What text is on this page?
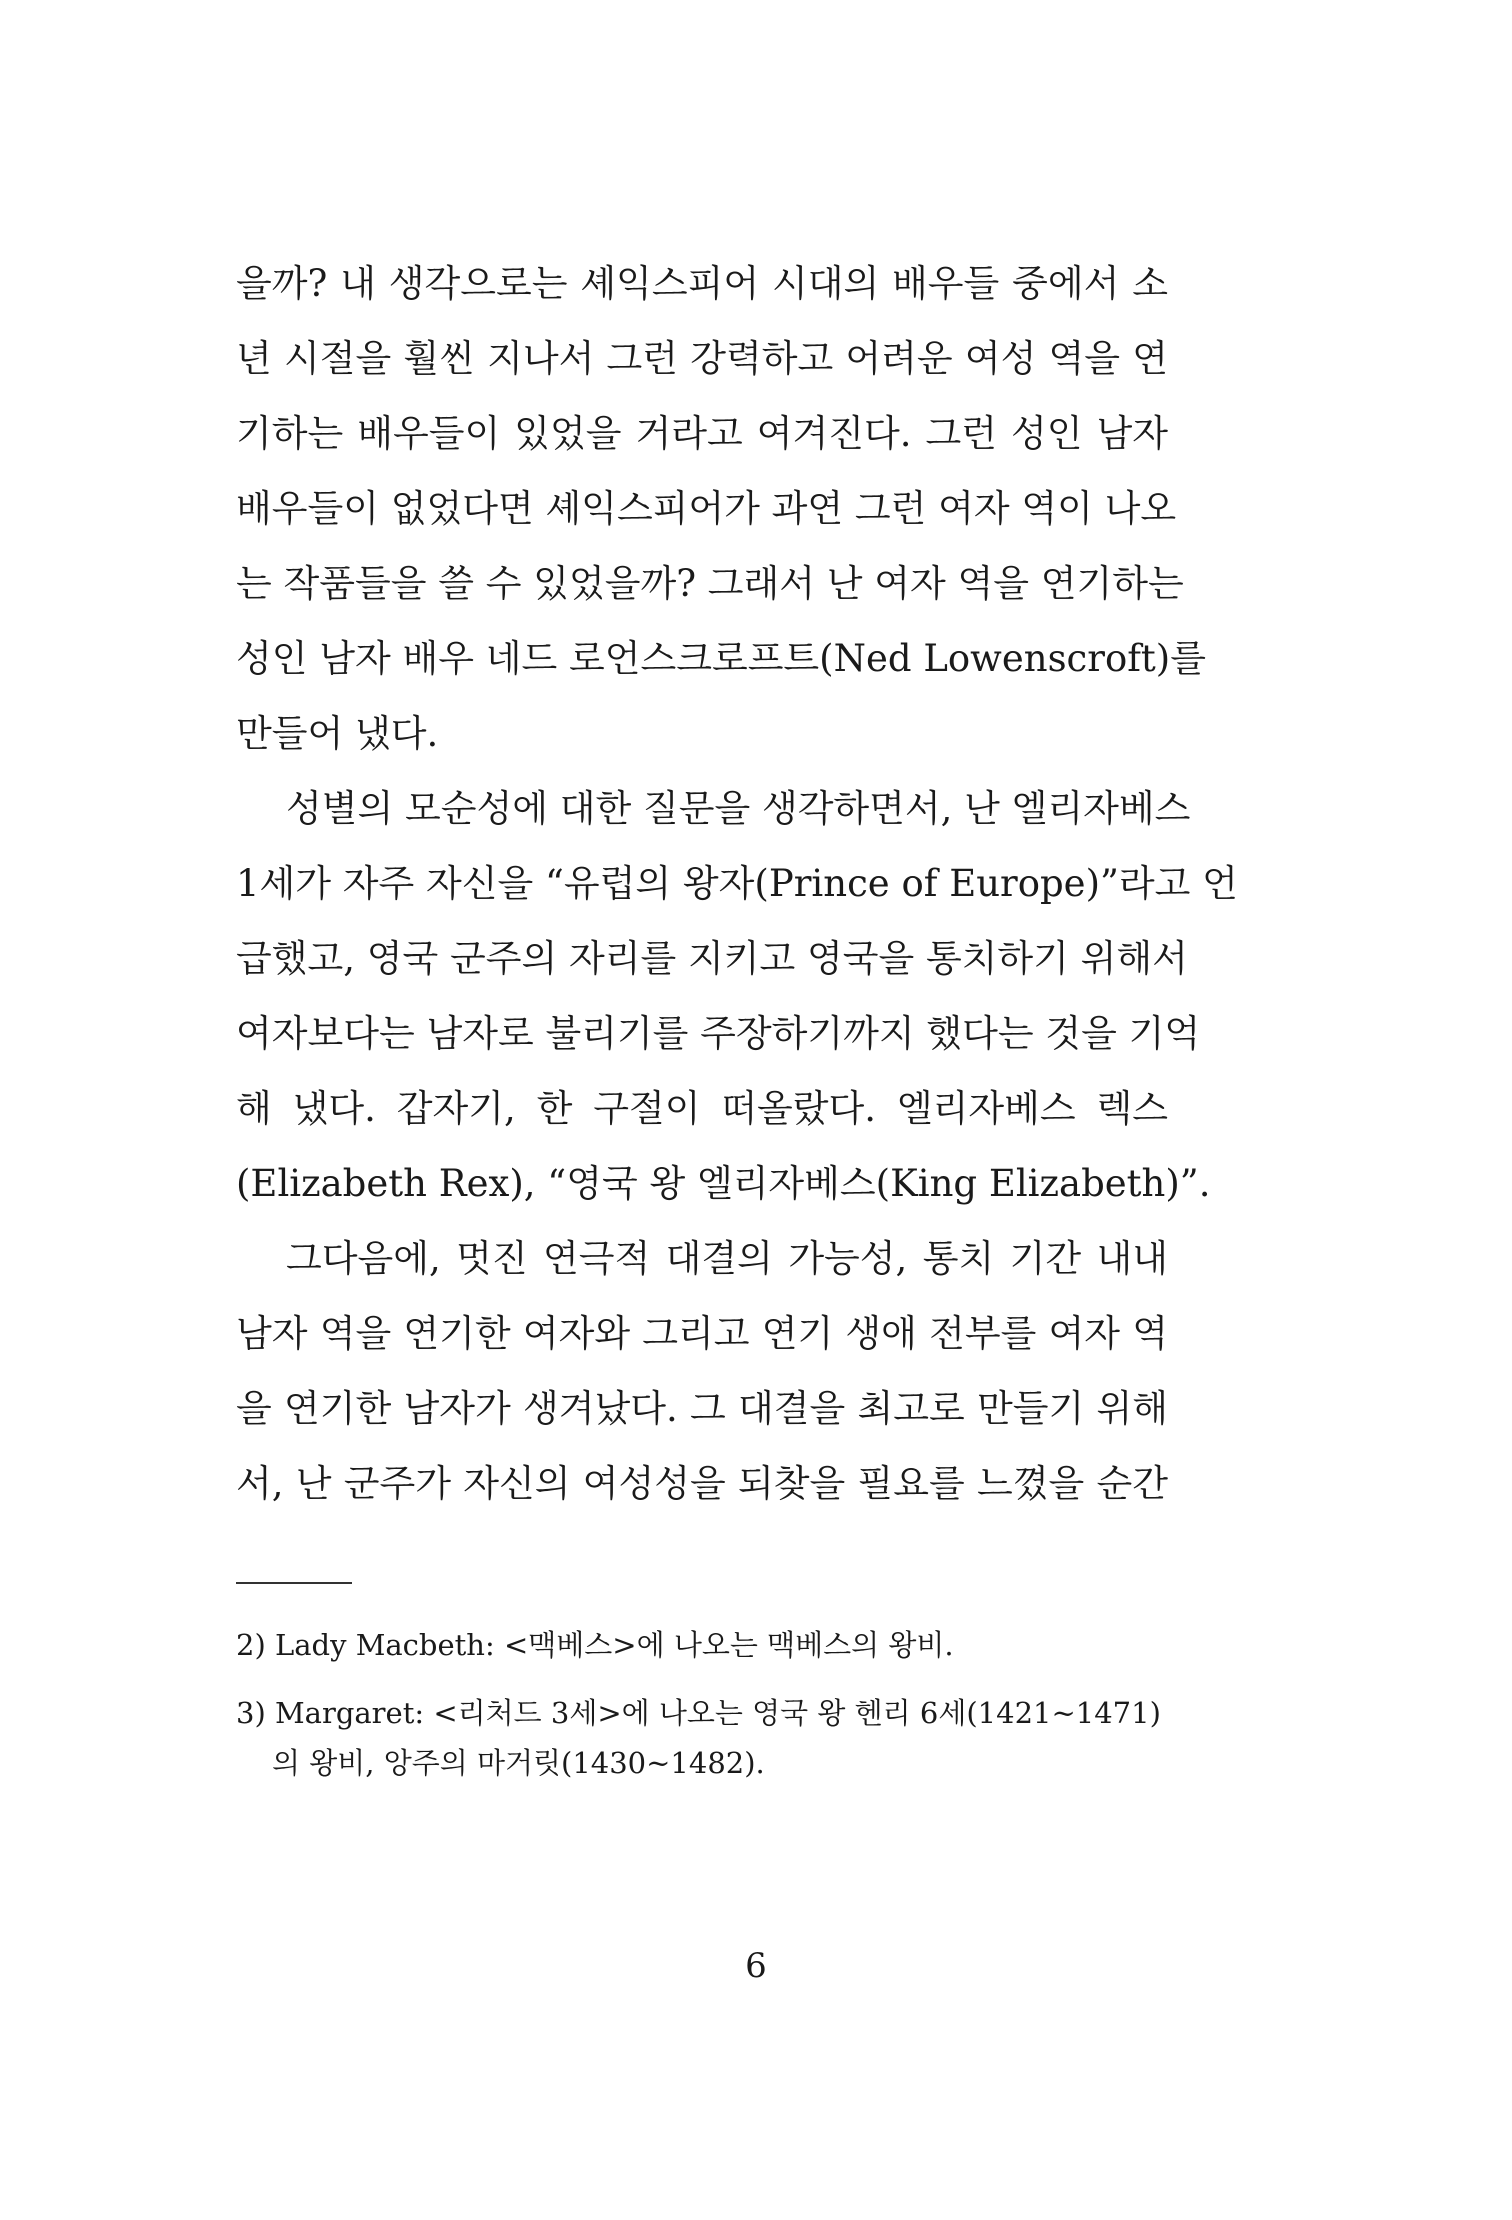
을까? 내 생각으로는 셰익스피어 시대의 배우들 중에서 소
년 시절을 훨씬 지나서 그런 강력하고 어려운 여성 역을 연
기하는 배우들이 있었을 거라고 여겨진다. 그런 성인 남자
배우들이 없었다면 셰익스피어가 과연 그런 여자 역이 나오
는 작품들을 쓸 수 있었을까? 그래서 난 여자 역을 연기하는
성인 남자 배우 네드 로언스크로프트(Ned Lowenscroft)를
만들어 냈다.
성별의 모순성에 대한 질문을 생각하면서, 난 엘리자베스
1세가 자주 자신을 “유럽의 왕자(Prince of Europe)”라고 언
급했고, 영국 군주의 자리를 지키고 영국을 통치하기 위해서
여자보다는 남자로 불리기를 주장하기까지 했다는 것을 기억
해 냈다. 갑자기, 한 구절이 떠올랐다. 엘리자베스 렉스
(Elizabeth Rex), “영국 왕 엘리자베스(King Elizabeth)”.
그다음에, 멋진 연극적 대결의 가능성, 통치 기간 내내
남자 역을 연기한 여자와 그리고 연기 생애 전부를 여자 역
을 연기한 남자가 생겨났다. 그 대결을 최고로 만들기 위해
서, 난 군주가 자신의 여성성을 되찾을 필요를 느꼈을 순간
2) Lady Macbeth: <맥베스>에 나오는 맥베스의 왕비.
3) Margaret: <리처드 3세>에 나오는 영국 왕 헨리 6세(1421~1471)
의 왕비, 앙주의 마거릿(1430~1482).
6
